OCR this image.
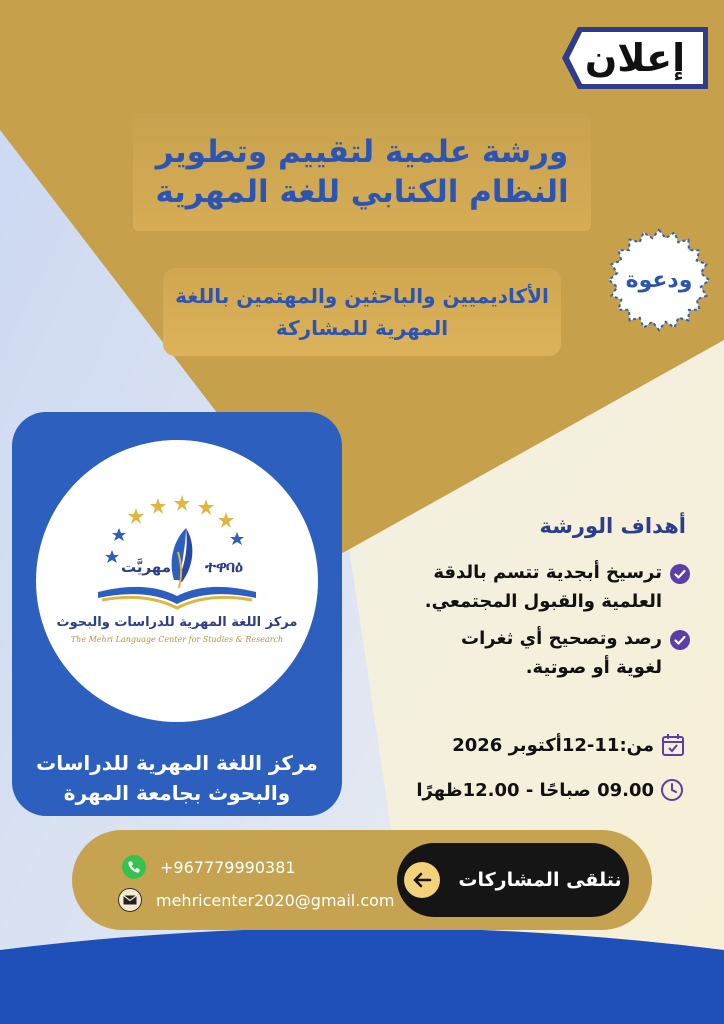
إعلان
ورشة علمية لتقييم وتطوير
النظام الكتابي للغة المهرية
ودعوة
الأكاديميين والباحثين والمهتمين باللغة
المهرية للمشاركة
مهريَّت ተዋባዕ
مركز اللغة المهرية للدراسات والبحوث
The Mehri Language Center for Studies & Research
مركز اللغة المهرية للدراسات
والبحوث بجامعة المهرة
أهداف الورشة
ترسيخ أبجدية تتسم بالدقة
العلمية والقبول المجتمعي.
رصد وتصحيح أي ثغرات
لغوية أو صوتية.
من:11-12أكتوبر 2026
09.00 صباحًا - 12.00ظهرًا
+967779990381
mehricenter2020@gmail.com
نتلقى المشاركات
